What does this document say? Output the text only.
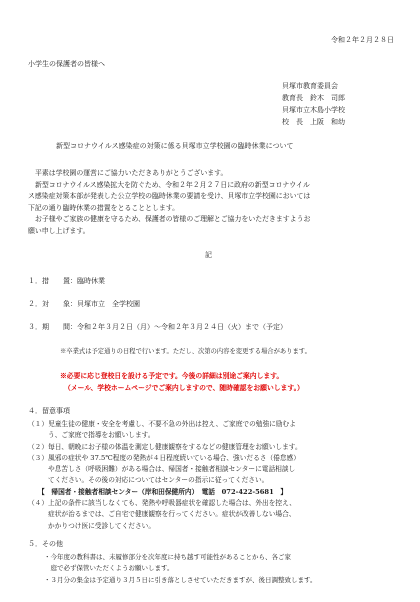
令和２年２月２８日
小学生の保護者の皆様へ
貝塚市教育委員会
教育長　鈴木　司郎
貝塚市立木島小学校
校　長　上阪　和幼
新型コロナウイルス感染症の対策に係る貝塚市立学校園の臨時休業について
平素は学校園の運営にご協力いただきありがとうございます。
新型コロナウイルス感染拡大を防ぐため、令和２年２月２７日に政府の新型コロナウイル
ス感染症対策本部が発表した公立学校の臨時休業の要請を受け、貝塚市立学校園においては
下記の通り臨時休業の措置をとることとします。
お子様やご家族の健康を守るため、保護者の皆様のご理解とご協力をいただきますようお
願い申し上げます。
記
１．措　　置：臨時休業
２．対　　象：貝塚市立　全学校園
３．期　　間：令和２年３月２日（月）～令和２年３月２４日（火）まで（予定）
※卒業式は予定通りの日程で行います。ただし、次第の内容を変更する場合があります。
※必要に応じ登校日を設ける予定です。今後の詳細は別途ご案内します。
（メール、学校ホームページでご案内しますので、随時確認をお願いします。）
４．留意事項
（１）児童生徒の健康・安全を考慮し、不要不急の外出は控え、ご家庭での勉強に励むよ
　　　う、ご家庭で指導をお願いします。
（２）毎日、朝晩にお子様の体温を測定し健康観察をするなどの健康管理をお願いします。
（３）風邪の症状や 37.5℃程度の発熱が４日程度続いている場合、強いだるさ（倦怠感）
　　　や息苦しさ（呼吸困難）がある場合は、帰国者・接触者相談センターに電話相談し
　　　てください。その後の対応についてはセンターの指示に従ってください。
　　【　帰国者・接触者相談センター（岸和田保健所内）　電話　072-422-5681　】
（４）上記の条件に該当しなくても、発熱や呼吸器症状を確認した場合は、外出を控え、
　　　症状が治るまでは、ご自宅で健康観察を行ってください。症状が改善しない場合、
　　　かかりつけ医に受診してください。
５．その他
・今年度の教科書は、未履修部分を次年度に持ち越す可能性があることから、各ご家
　庭で必ず保管いただくようお願いします。
・３月分の集金は予定通り３月５日に引き落としさせていただきますが、後日調整致します。
